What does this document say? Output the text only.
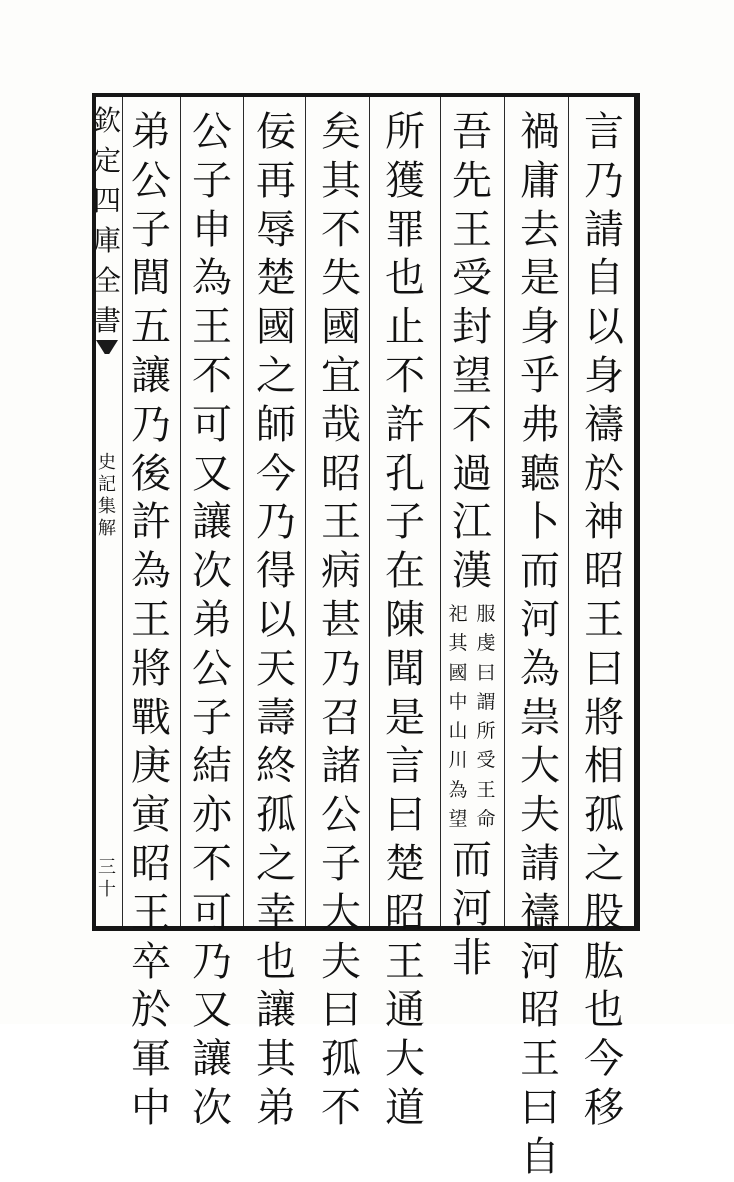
欽定四庫全書
史記集解
三十
言
乃
請
自
以
身
禱
於
神
昭
王
曰
將
相
孤
之
股
肱
也
今
移
禍
庸
去
是
身
乎
弗
聽
卜
而
河
為
祟
大
夫
請
禱
河
昭
王
曰
自
吾
先
王
受
封
望
不
過
江
漢
服
虔
曰
謂
所
受
王
命
祀
其
國
中
山
川
為
望
而
河
非
所
獲
罪
也
止
不
許
孔
子
在
陳
聞
是
言
曰
楚
昭
王
通
大
道
矣
其
不
失
國
宜
哉
昭
王
病
甚
乃
召
諸
公
子
大
夫
曰
孤
不
佞
再
辱
楚
國
之
師
今
乃
得
以
天
壽
終
孤
之
幸
也
讓
其
弟
公
子
申
為
王
不
可
又
讓
次
弟
公
子
結
亦
不
可
乃
又
讓
次
弟
公
子
閭
五
讓
乃
後
許
為
王
將
戰
庚
寅
昭
王
卒
於
軍
中
